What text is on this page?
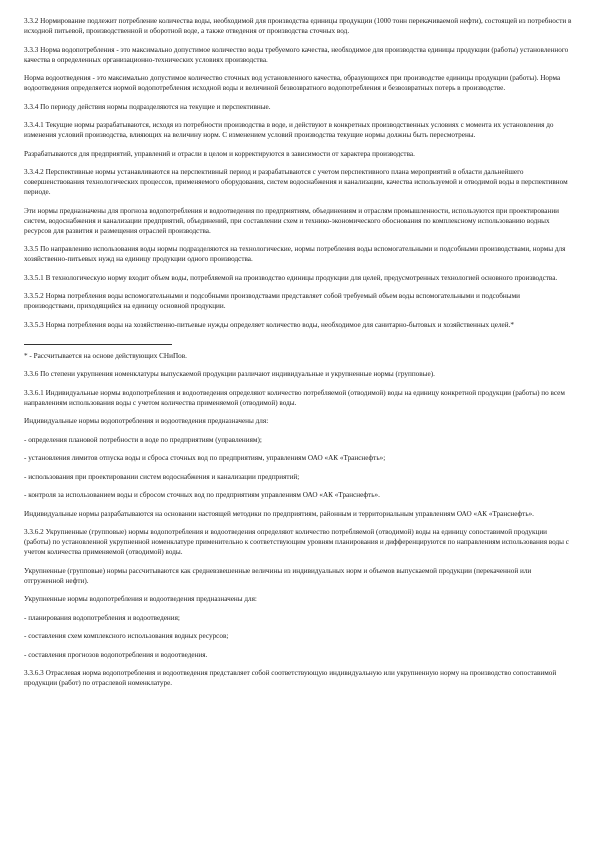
3.3.2 Нормирование подлежит потребление количества воды, необходимой для производства единицы продукции (1000 тонн перекачиваемой нефти), состоящей из потребности в исходной питьевой, производственной и оборотной воде, а также отведения от производства сточных вод.

3.3.3 Норма водопотребления - это максимально допустимое количество воды требуемого качества, необходимое для производства единицы продукции (работы) установленного качества в определенных организационно-технических условиях производства.

Норма водоотведения - это максимально допустимое количество сточных вод установленного качества, образующихся при производстве единицы продукции (работы). Норма водоотведения определяется нормой водопотребления исходной воды и величиной безвозвратного водопотребления и безвозвратных потерь в производстве.

3.3.4 По периоду действия нормы подразделяются на текущие и перспективные.

3.3.4.1 Текущие нормы разрабатываются, исходя из потребности производства в воде, и действуют в конкретных производственных условиях с момента их установления до изменения условий производства, влияющих на величину норм. С изменением условий производства текущие нормы должны быть пересмотрены.

Разрабатываются для предприятий, управлений и отрасли в целом и корректируются в зависимости от характера производства.

3.3.4.2 Перспективные нормы устанавливаются на перспективный период и разрабатываются с учетом перспективного плана мероприятий в области дальнейшего совершенствования технологических процессов, применяемого оборудования, систем водоснабжения и канализации, качества используемой и отводимой воды в перспективном периоде.

Эти нормы предназначены для прогноза водопотребления и водоотведения по предприятиям, объединениям и отраслям промышленности, используются при проектировании систем, водоснабжения и канализации предприятий, объединений, при составлении схем и технико-экономического обоснования по комплексному использованию водных ресурсов для развития и размещения отраслей производства.

3.3.5 По направлению использования воды нормы подразделяются на технологические, нормы потребления воды вспомогательными и подсобными производствами, нормы для хозяйственно-питьевых нужд на единицу продукции одного производства.

3.3.5.1 В технологическую норму входит объем воды, потребляемой на производство единицы продукции для целей, предусмотренных технологией основного производства.

3.3.5.2 Норма потребления воды вспомогательными и подсобными производствами представляет собой требуемый объем воды вспомогательными и подсобными производствами, приходящийся на единицу основной продукции.

3.3.5.3 Норма потребления воды на хозяйственно-питьевые нужды определяет количество воды, необходимое для санитарно-бытовых и хозяйственных целей.*

* - Рассчитывается на основе действующих СНиПов.

3.3.6 По степени укрупнения номенклатуры выпускаемой продукции различают индивидуальные и укрупненные нормы (групповые).

3.3.6.1 Индивидуальные нормы водопотребления и водоотведения определяют количество потребляемой (отводимой) воды на единицу конкретной продукции (работы) по всем направлениям использования воды с учетом количества применяемой (отводимой) воды.

Индивидуальные нормы водопотребления и водоотведения предназначены для:

- определения плановой потребности в воде по предприятиям (управлениям);

- установления лимитов отпуска воды и сброса сточных вод по предприятиям, управлениям ОАО «АК «Транснефть»;

- использования при проектировании систем водоснабжения и канализации предприятий;

- контроля за использованием воды и сбросом сточных вод по предприятиям управлениям ОАО «АК «Транснефть».

Индивидуальные нормы разрабатываются на основании настоящей методики по предприятиям, районным и территориальным управлениям ОАО «АК «Транснефть».

3.3.6.2 Укрупненные (групповые) нормы водопотребления и водоотведения определяют количество потребляемой (отводимой) воды на единицу сопоставимой продукции (работы) по установленной укрупненной номенклатуре применительно к соответствующим уровням планирования и дифференцируются по направлениям использования воды с учетом количества применяемой (отводимой) воды.

Укрупненные (групповые) нормы рассчитываются как средневзвешенные величины из индивидуальных норм и объемов выпускаемой продукции (перекаченной или отгруженной нефти).

Укрупненные нормы водопотребления и водоотведения предназначены для:

- планирования водопотребления и водоотведения;

- составления схем комплексного использования водных ресурсов;

- составления прогнозов водопотребления и водоотведения.

3.3.6.3 Отраслевая норма водопотребления и водоотведения представляет собой соответствующую индивидуальную или укрупненную норму на производство сопоставимой продукции (работ) по отраслевой номенклатуре.
